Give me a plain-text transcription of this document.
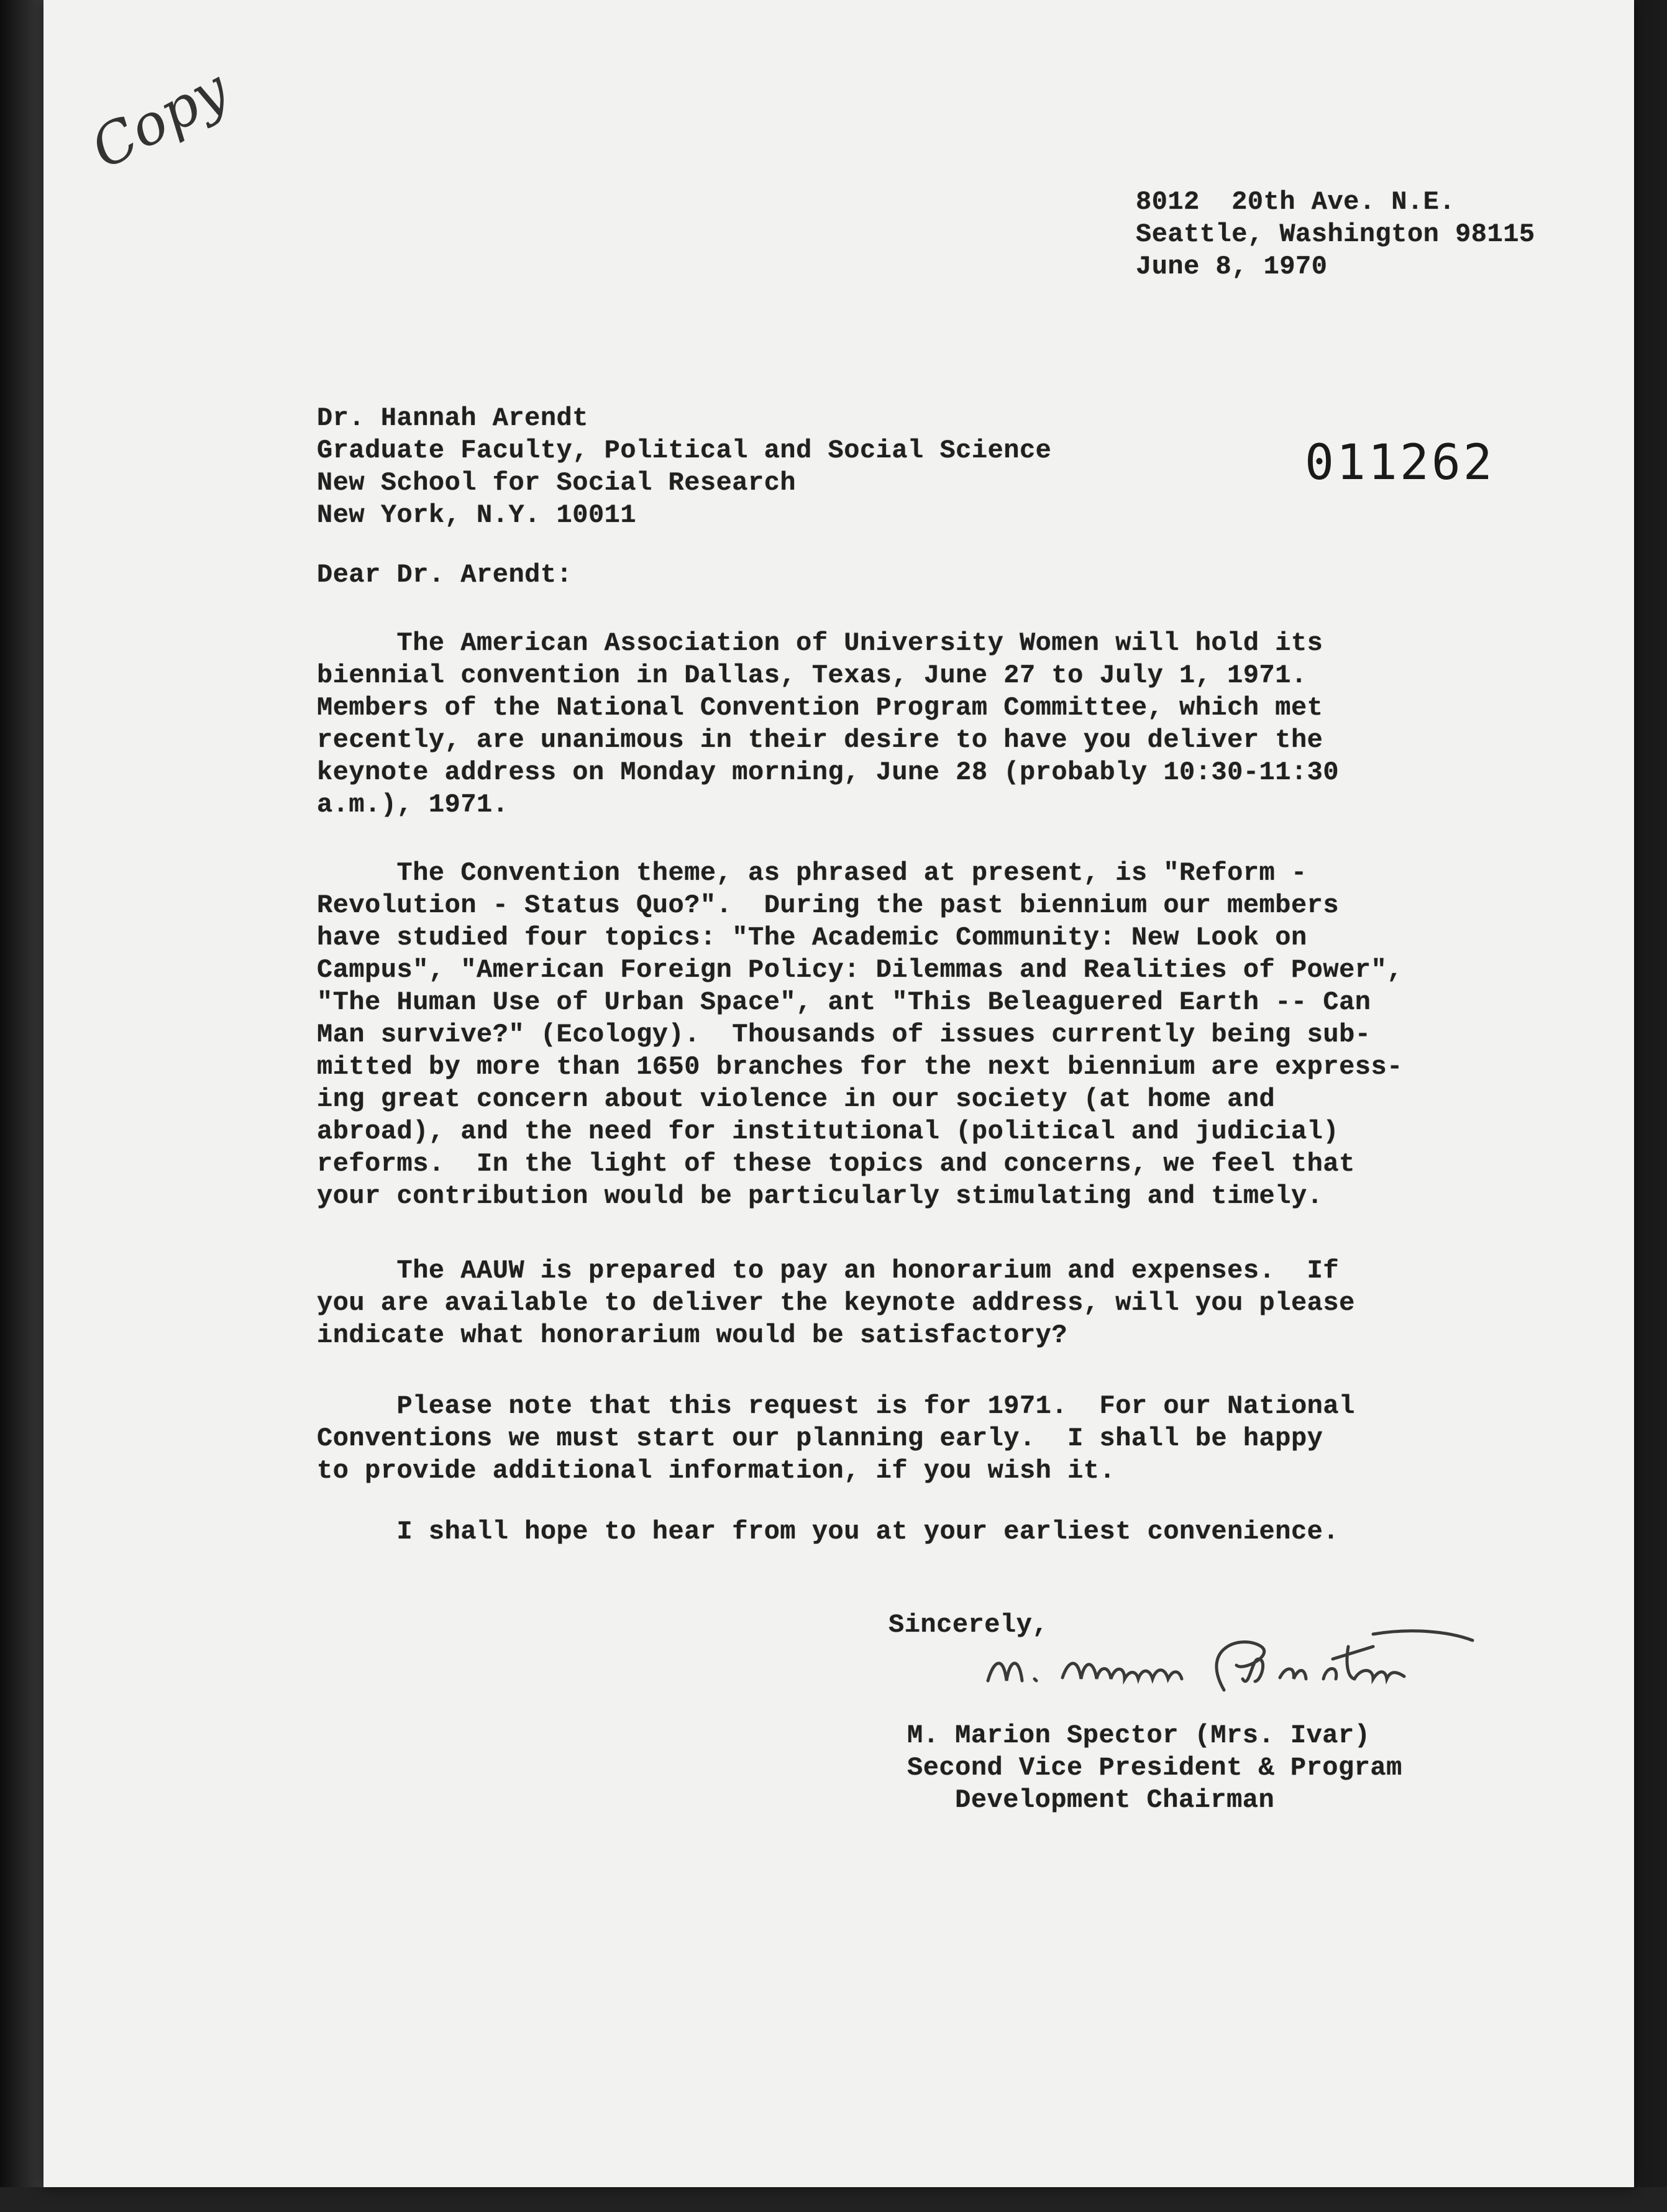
Copy
8012  20th Ave. N.E.
Seattle, Washington 98115
June 8, 1970
Dr. Hannah Arendt
Graduate Faculty, Political and Social Science
New School for Social Research
New York, N.Y. 10011
011262
Dear Dr. Arendt:
The American Association of University Women will hold its
biennial convention in Dallas, Texas, June 27 to July 1, 1971.
Members of the National Convention Program Committee, which met
recently, are unanimous in their desire to have you deliver the
keynote address on Monday morning, June 28 (probably 10:30-11:30
a.m.), 1971.
The Convention theme, as phrased at present, is "Reform -
Revolution - Status Quo?".  During the past biennium our members
have studied four topics: "The Academic Community: New Look on
Campus", "American Foreign Policy: Dilemmas and Realities of Power",
"The Human Use of Urban Space", ant "This Beleaguered Earth -- Can
Man survive?" (Ecology).  Thousands of issues currently being sub-
mitted by more than 1650 branches for the next biennium are express-
ing great concern about violence in our society (at home and
abroad), and the need for institutional (political and judicial)
reforms.  In the light of these topics and concerns, we feel that
your contribution would be particularly stimulating and timely.
The AAUW is prepared to pay an honorarium and expenses.  If
you are available to deliver the keynote address, will you please
indicate what honorarium would be satisfactory?
Please note that this request is for 1971.  For our National
Conventions we must start our planning early.  I shall be happy
to provide additional information, if you wish it.
I shall hope to hear from you at your earliest convenience.
Sincerely,
M. Marion Spector (Mrs. Ivar)
Second Vice President & Program
Development Chairman
